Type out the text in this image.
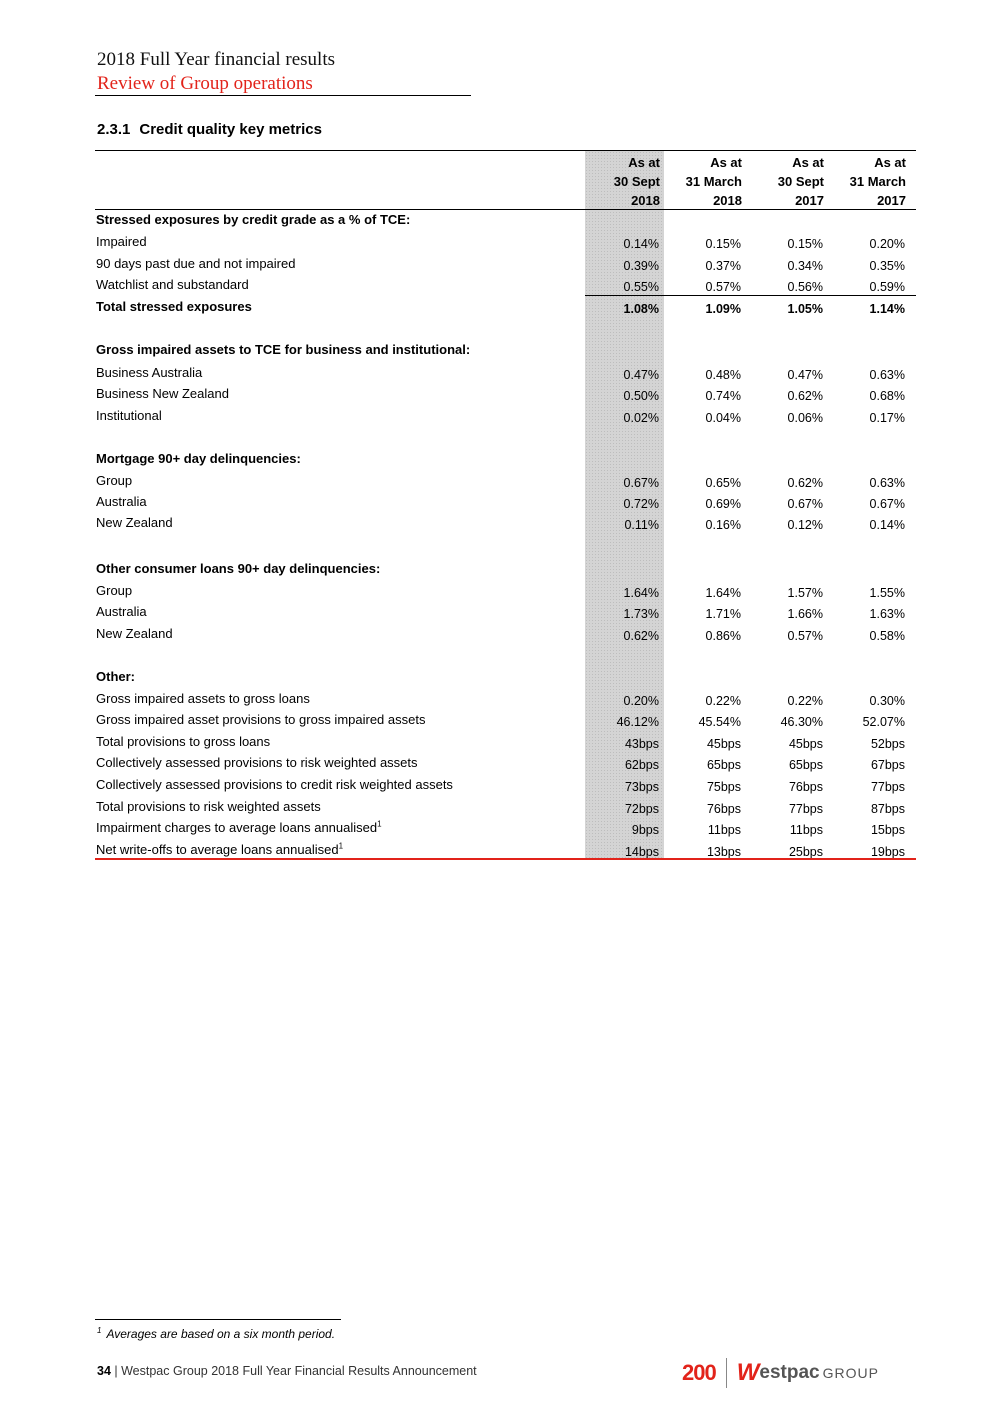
2018 Full Year financial results
Review of Group operations
2.3.1 Credit quality key metrics
As at
30 Sept
2018
As at
31 March
2018
As at
30 Sept
2017
As at
31 March
2017
Stressed exposures by credit grade as a % of TCE:
Impaired	0.14%	0.15%	0.15%	0.20%
90 days past due and not impaired	0.39%	0.37%	0.34%	0.35%
Watchlist and substandard	0.55%	0.57%	0.56%	0.59%
Total stressed exposures	1.08%	1.09%	1.05%	1.14%
Gross impaired assets to TCE for business and institutional:
Business Australia	0.47%	0.48%	0.47%	0.63%
Business New Zealand	0.50%	0.74%	0.62%	0.68%
Institutional	0.02%	0.04%	0.06%	0.17%
Mortgage 90+ day delinquencies:
Group	0.67%	0.65%	0.62%	0.63%
Australia	0.72%	0.69%	0.67%	0.67%
New Zealand	0.11%	0.16%	0.12%	0.14%
Other consumer loans 90+ day delinquencies:
Group	1.64%	1.64%	1.57%	1.55%
Australia	1.73%	1.71%	1.66%	1.63%
New Zealand	0.62%	0.86%	0.57%	0.58%
Other:
Gross impaired assets to gross loans	0.20%	0.22%	0.22%	0.30%
Gross impaired asset provisions to gross impaired assets	46.12%	45.54%	46.30%	52.07%
Total provisions to gross loans	43bps	45bps	45bps	52bps
Collectively assessed provisions to risk weighted assets	62bps	65bps	65bps	67bps
Collectively assessed provisions to credit risk weighted assets	73bps	75bps	76bps	77bps
Total provisions to risk weighted assets	72bps	76bps	77bps	87bps
Impairment charges to average loans annualised$^1$	9bps	11bps	11bps	15bps
Net write-offs to average loans annualised$^1$	14bps	13bps	25bps	19bps
$^1$ Averages are based on a six month period.
34 | Westpac Group 2018 Full Year Financial Results Announcement	200 W estpac GROUP
